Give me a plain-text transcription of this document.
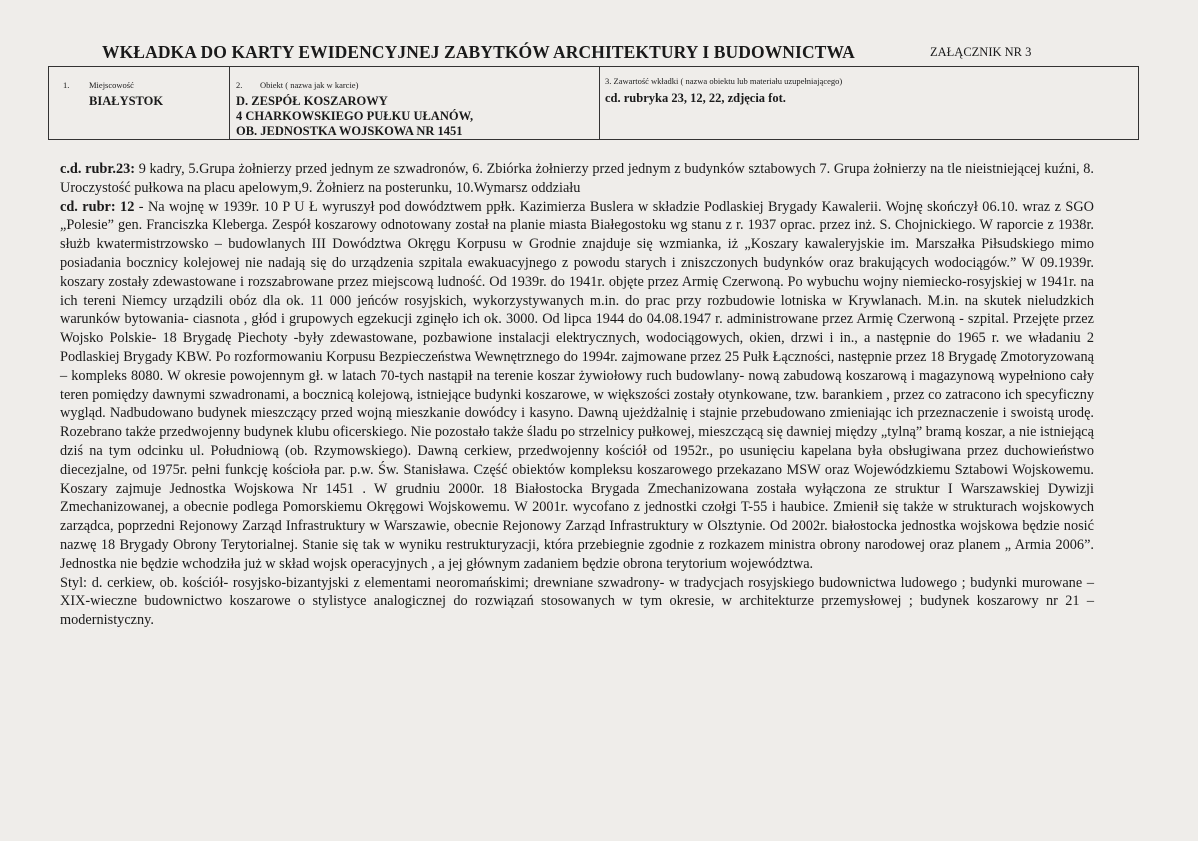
WKŁADKA DO KARTY EWIDENCYJNEJ ZABYTKÓW ARCHITEKTURY I BUDOWNICTWA	ZAŁĄCZNIK NR 3
1. Miejscowość
BIAŁYSTOK
2. Obiekt ( nazwa jak w karcie)
D. ZESPÓŁ KOSZAROWY
4 CHARKOWSKIEGO PUŁKU UŁANÓW,
OB. JEDNOSTKA WOJSKOWA NR 1451
3. Zawartość wkładki ( nazwa obiektu lub materiału uzupełniającego)
cd. rubryka 23, 12, 22, zdjęcia fot.

c.d. rubr.23: 9 kadry, 5.Grupa żołnierzy przed jednym ze szwadronów, 6. Zbiórka żołnierzy przed jednym z budynków sztabowych 7. Grupa żołnierzy na tle nieistniejącej kuźni, 8. Uroczystość pułkowa na placu apelowym,9. Żołnierz na posterunku, 10.Wymarsz oddziału

cd. rubr: 12 - Na wojnę w 1939r. 10 P U Ł wyruszył pod dowództwem ppłk. Kazimierza Buslera w składzie Podlaskiej Brygady Kawalerii. Wojnę skończył 06.10. wraz z SGO „Polesie” gen. Franciszka Kleberga. Zespół koszarowy odnotowany został na planie miasta Białegostoku wg stanu z r. 1937 oprac. przez inż. S. Chojnickiego. W raporcie z 1938r. służb kwatermistrzowsko – budowlanych III Dowództwa Okręgu Korpusu w Grodnie znajduje się wzmianka, iż „Koszary kawaleryjskie im. Marszałka Piłsudskiego mimo posiadania bocznicy kolejowej nie nadają się do urządzenia szpitala ewakuacyjnego z powodu starych i zniszczonych budynków oraz brakujących wodociągów.” W 09.1939r. koszary zostały zdewastowane i rozszabrowane przez miejscową ludność. Od 1939r. do 1941r. objęte przez Armię Czerwoną. Po wybuchu wojny niemiecko-rosyjskiej w 1941r. na ich tereni Niemcy urządzili obóz dla ok. 11 000 jeńców rosyjskich, wykorzystywanych m.in. do prac przy rozbudowie lotniska w Krywlanach. M.in. na skutek nieludzkich warunków bytowania- ciasnota , głód i grupowych egzekucji zginęło ich ok. 3000. Od lipca 1944 do 04.08.1947 r. administrowane przez Armię Czerwoną - szpital. Przejęte przez Wojsko Polskie- 18 Brygadę Piechoty -były zdewastowane, pozbawione instalacji elektrycznych, wodociągowych, okien, drzwi i in., a następnie do 1965 r. we władaniu 2 Podlaskiej Brygady KBW. Po rozformowaniu Korpusu Bezpieczeństwa Wewnętrznego do 1994r. zajmowane przez 25 Pułk Łączności, następnie przez 18 Brygadę Zmotoryzowaną – kompleks 8080. W okresie powojennym gł. w latach 70-tych nastąpił na terenie koszar żywiołowy ruch budowlany- nową zabudową koszarową i magazynową wypełniono cały teren pomiędzy dawnymi szwadronami, a bocznicą kolejową, istniejące budynki koszarowe, w większości zostały otynkowane, tzw. barankiem , przez co zatracono ich specyficzny wygląd. Nadbudowano budynek mieszczący przed wojną mieszkanie dowódcy i kasyno. Dawną ujeżdżalnię i stajnie przebudowano zmieniając ich przeznaczenie i swoistą urodę. Rozebrano także przedwojenny budynek klubu oficerskiego. Nie pozostało także śladu po strzelnicy pułkowej, mieszczącą się dawniej między „tylną” bramą koszar, a nie istniejącą dziś na tym odcinku ul. Południową (ob. Rzymowskiego). Dawną cerkiew, przedwojenny kościół od 1952r., po usunięciu kapelana była obsługiwana przez duchowieństwo diecezjalne, od 1975r. pełni funkcję kościoła par. p.w. Św. Stanisława. Część obiektów kompleksu koszarowego przekazano MSW oraz Wojewódzkiemu Sztabowi Wojskowemu. Koszary zajmuje Jednostka Wojskowa Nr 1451 . W grudniu 2000r. 18 Białostocka Brygada Zmechanizowana została wyłączona ze struktur I Warszawskiej Dywizji Zmechanizowanej, a obecnie podlega Pomorskiemu Okręgowi Wojskowemu. W 2001r. wycofano z jednostki czołgi T-55 i haubice. Zmienił się także w strukturach wojskowych zarządca, poprzedni Rejonowy Zarząd Infrastruktury w Warszawie, obecnie Rejonowy Zarząd Infrastruktury w Olsztynie. Od 2002r. białostocka jednostka wojskowa będzie nosić nazwę 18 Brygady Obrony Terytorialnej. Stanie się tak w wyniku restrukturyzacji, która przebiegnie zgodnie z rozkazem ministra obrony narodowej oraz planem „ Armia 2006”. Jednostka nie będzie wchodziła już w skład wojsk operacyjnych , a jej głównym zadaniem będzie obrona terytorium województwa.

Styl: d. cerkiew, ob. kościół- rosyjsko-bizantyjski z elementami neoromańskimi; drewniane szwadrony- w tradycjach rosyjskiego budownictwa ludowego ; budynki murowane – XIX-wieczne budownictwo koszarowe o stylistyce analogicznej do rozwiązań stosowanych w tym okresie, w architekturze przemysłowej ; budynek koszarowy nr 21 – modernistyczny.
